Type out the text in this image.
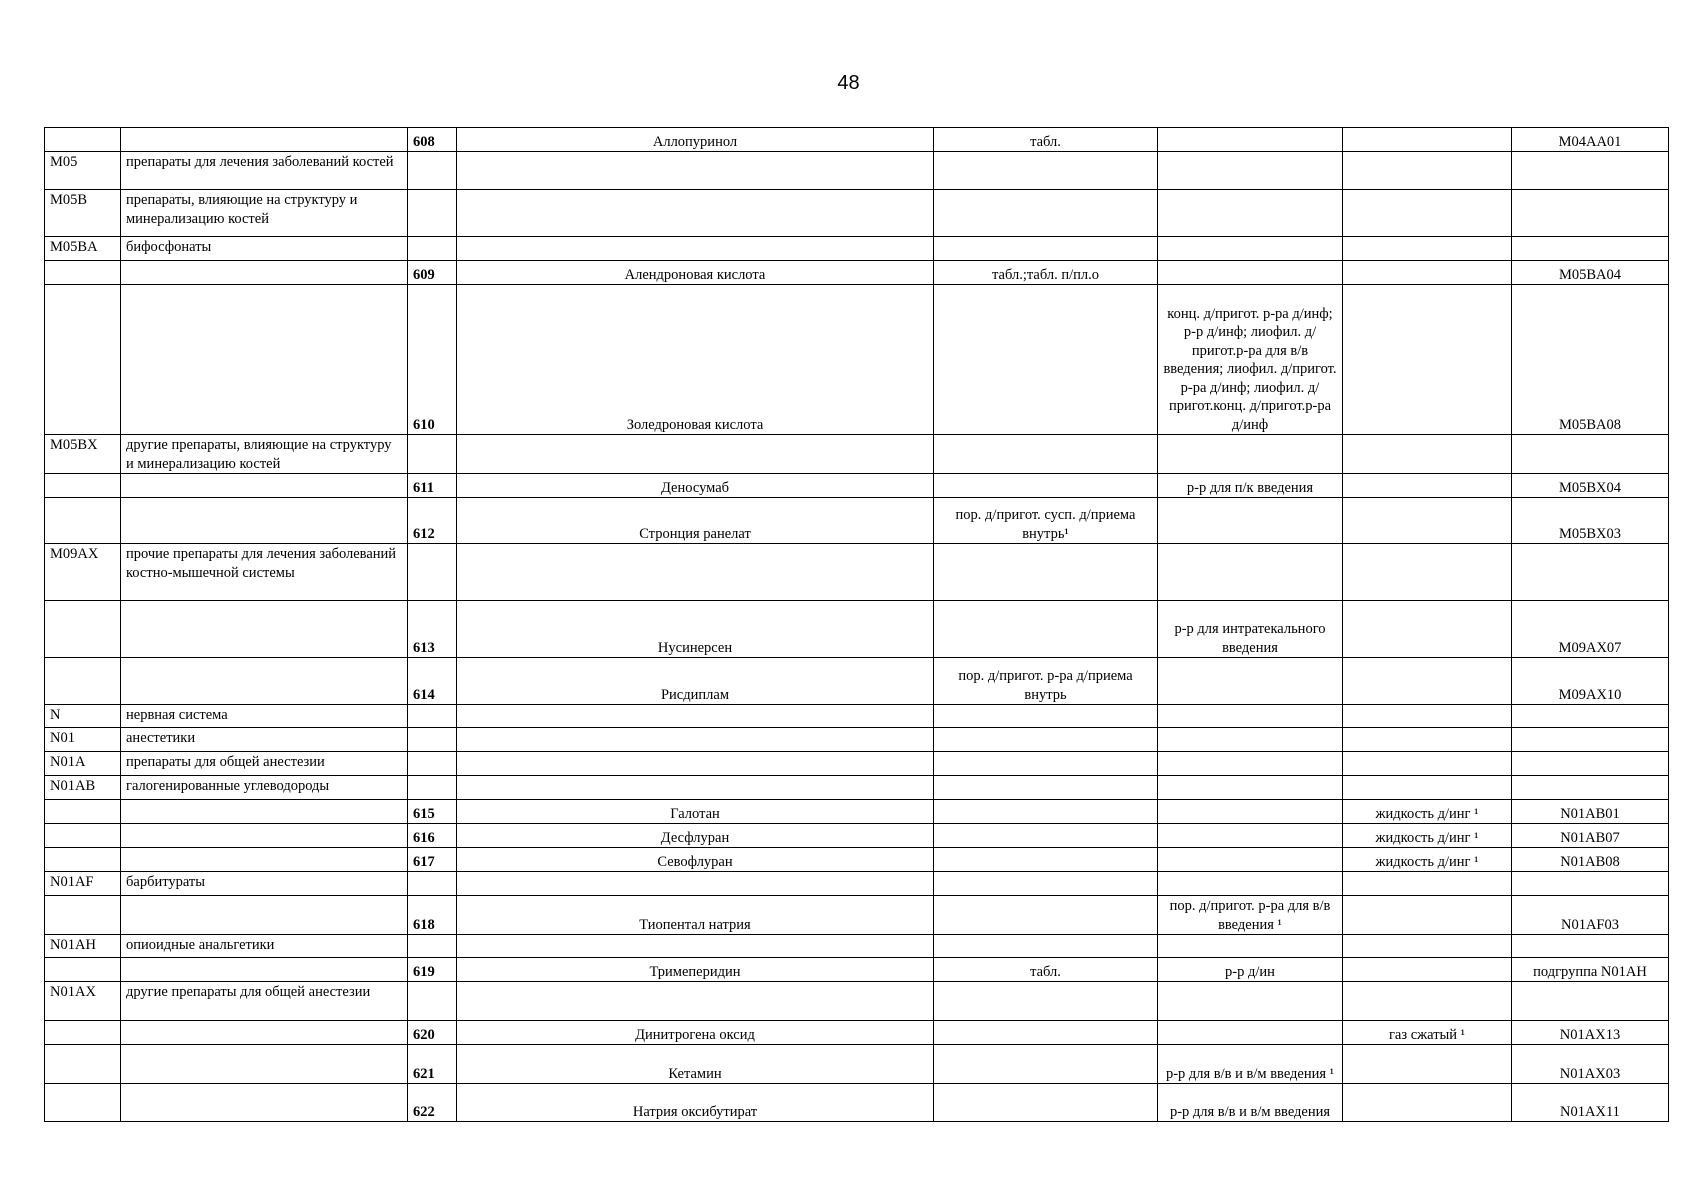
48
		608	Аллопуринол	табл.			M04AA01
M05	препараты для лечения заболеваний костей						
M05B	препараты, влияющие на структуру и минерализацию костей						
M05BA	бифосфонаты						
		609	Алендроновая кислота	табл.;табл. п/пл.о			M05BA04
		610	Золедроновая кислота		конц. д/пригот. р-ра д/инф; р-р д/инф; лиофил. д/пригот.р-ра для в/в введения; лиофил. д/пригот. р-ра д/инф; лиофил. д/пригот.конц. д/пригот.р-ра д/инф		M05BA08
M05BX	другие препараты, влияющие на структуру и минерализацию костей						
		611	Деносумаб		р-р для п/к введения		M05BX04
		612	Стронция ранелат	пор. д/пригот. сусп. д/приема внутрь¹			M05BX03
M09AX	прочие препараты для лечения заболеваний костно-мышечной системы						
		613	Нусинерсен		р-р для интратекального введения		M09AX07
		614	Рисдиплам	пор. д/пригот. р-ра д/приема внутрь			M09AX10
N	нервная система						
N01	анестетики						
N01A	препараты для общей анестезии						
N01AB	галогенированные углеводороды						
		615	Галотан			жидкость д/инг ¹	N01AB01
		616	Десфлуран			жидкость д/инг ¹	N01AB07
		617	Севофлуран			жидкость д/инг ¹	N01AB08
N01AF	барбитураты						
		618	Тиопентал натрия		пор. д/пригот. р-ра для в/в введения ¹		N01AF03
N01AH	опиоидные анальгетики						
		619	Тримеперидин	табл.	р-р д/ин		подгруппа N01AH
N01AX	другие препараты для общей анестезии						
		620	Динитрогена оксид			газ сжатый ¹	N01AX13
		621	Кетамин		р-р для в/в и в/м введения ¹		N01AX03
		622	Натрия оксибутират		р-р для в/в и в/м введения		N01AX11
